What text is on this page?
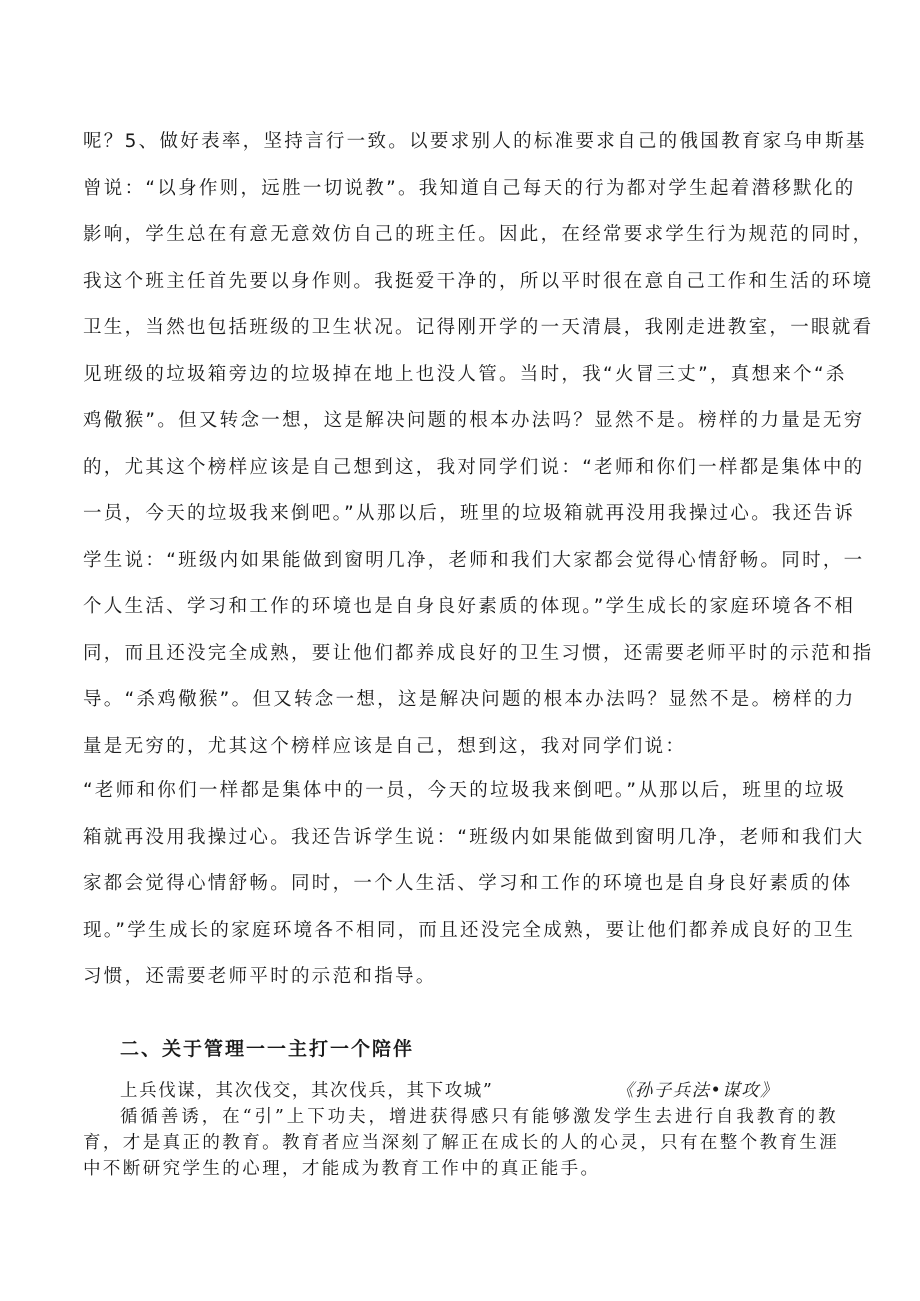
呢？5、做好表率，坚持言行一致。以要求别人的标准要求自己的俄国教育家乌申斯基
曾说：“以身作则，远胜一切说教”。我知道自己每天的行为都对学生起着潜移默化的
影响，学生总在有意无意效仿自己的班主任。因此，在经常要求学生行为规范的同时，
我这个班主任首先要以身作则。我挺爱干净的，所以平时很在意自己工作和生活的环境
卫生，当然也包括班级的卫生状况。记得刚开学的一天清晨，我刚走进教室，一眼就看
见班级的垃圾箱旁边的垃圾掉在地上也没人管。当时，我“火冒三丈”，真想来个“杀
鸡儆猴”。但又转念一想，这是解决问题的根本办法吗？显然不是。榜样的力量是无穷
的，尤其这个榜样应该是自己想到这，我对同学们说：“老师和你们一样都是集体中的
一员，今天的垃圾我来倒吧。”从那以后，班里的垃圾箱就再没用我操过心。我还告诉
学生说：“班级内如果能做到窗明几净，老师和我们大家都会觉得心情舒畅。同时，一
个人生活、学习和工作的环境也是自身良好素质的体现。”学生成长的家庭环境各不相
同，而且还没完全成熟，要让他们都养成良好的卫生习惯，还需要老师平时的示范和指
导。“杀鸡儆猴”。但又转念一想，这是解决问题的根本办法吗？显然不是。榜样的力
量是无穷的，尤其这个榜样应该是自己，想到这，我对同学们说：
“老师和你们一样都是集体中的一员，今天的垃圾我来倒吧。”从那以后，班里的垃圾
箱就再没用我操过心。我还告诉学生说：“班级内如果能做到窗明几净，老师和我们大
家都会觉得心情舒畅。同时，一个人生活、学习和工作的环境也是自身良好素质的体
现。”学生成长的家庭环境各不相同，而且还没完全成熟，要让他们都养成良好的卫生
习惯，还需要老师平时的示范和指导。
二、关于管理一一主打一个陪伴
上兵伐谋，其次伐交，其次伐兵，其下攻城”	《孙子兵法•谋攻》
循循善诱，在“引”上下功夫，增进获得感只有能够激发学生去进行自我教育的教
育，才是真正的教育。教育者应当深刻了解正在成长的人的心灵，只有在整个教育生涯
中不断研究学生的心理，才能成为教育工作中的真正能手。
